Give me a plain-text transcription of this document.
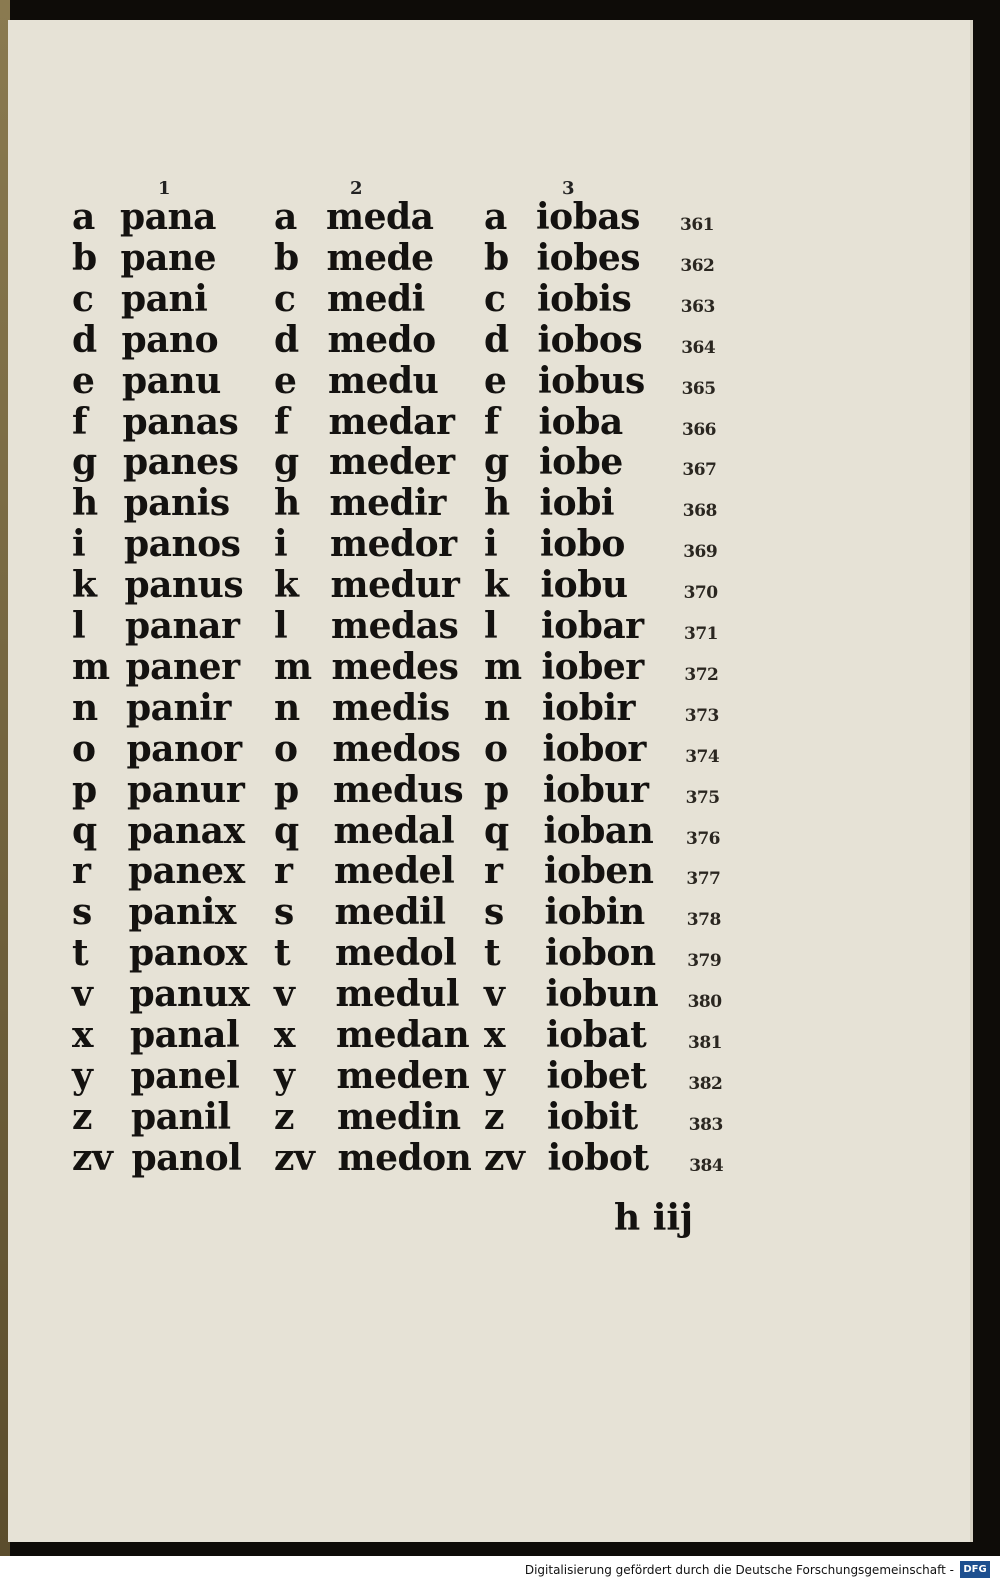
1	2	3
a pana a meda a iobas 361
b pane b mede b iobes 362
c pani c medi c iobis	363
d pano d medo d iobos 364
e panu e medu e iobus 365
f panas f medar f ioba	366
g panes g meder g iobe	367
h panis h medir h iobi	368
i panos i medor i iobo	369
k panus k medur k iobu	370
l panar l medas l iobar 371
m paner m medes m iober 372
n panir n medis n iobir	373
o panor o medos o iobor 374
p panur p medus p iobur 375
q panax q medal q ioban 376
r panex r medel r ioben 377
s panix s medil s iobin 378
t panox t medol t iobon 379
v panux v medul v iobun 380
x panal x medan x iobat 381
y panel y meden y iobet 382
z panil z medin z iobit	383
zv panol zv medon zv iobot 384
h iij
Digitalisierung gefördert durch die Deutsche Forschungsgemeinschaft - DFG
